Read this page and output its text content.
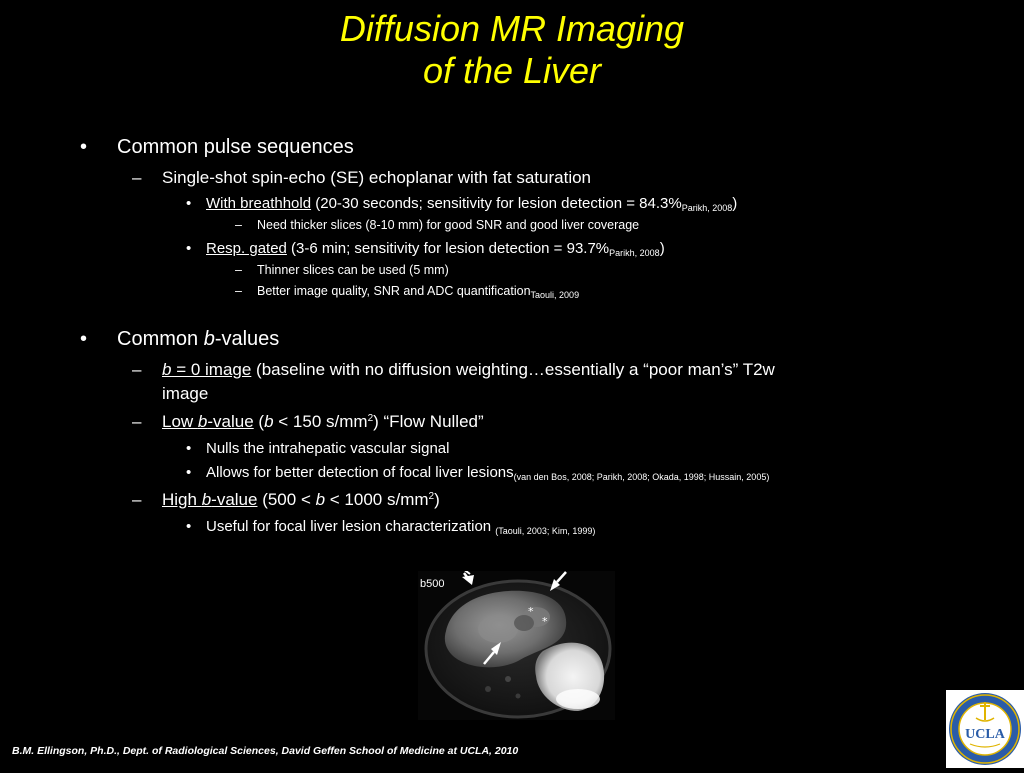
Diffusion MR Imaging
of the Liver
• Common pulse sequences
– Single-shot spin-echo (SE) echoplanar with fat saturation
• With breathhold (20-30 seconds; sensitivity for lesion detection = $84.3\%_{Parikh, 2008}$)
– Need thicker slices (8-10 mm) for good SNR and good liver coverage
• Resp. gated (3-6 min; sensitivity for lesion detection = $93.7\%_{Parikh, 2008}$)
– Thinner slices can be used (5 mm)
– Better image quality, SNR and ADC quantification$_{Taouli, 2009}$
• Common b-values
– b = 0 image (baseline with no diffusion weighting…essentially a “poor man’s” T2w
image
– Low b-value (b < 150 $s/mm^2$) “Flow Nulled”
• Nulls the intrahepatic vascular signal
• Allows for better detection of focal liver lesions$_{(van den Bos, 2008; Parikh, 2008; Okada, 1998; Hussain, 2005)}$
– High b-value (500 < b < 1000 $s/mm^2$)
• Useful for focal liver lesion characterization $_{(Taouli, 2003; Kim, 1999)}$
*
*
b500
UCLA
B.M. Ellingson, Ph.D., Dept. of Radiological Sciences, David Geffen School of Medicine at UCLA, 2010
